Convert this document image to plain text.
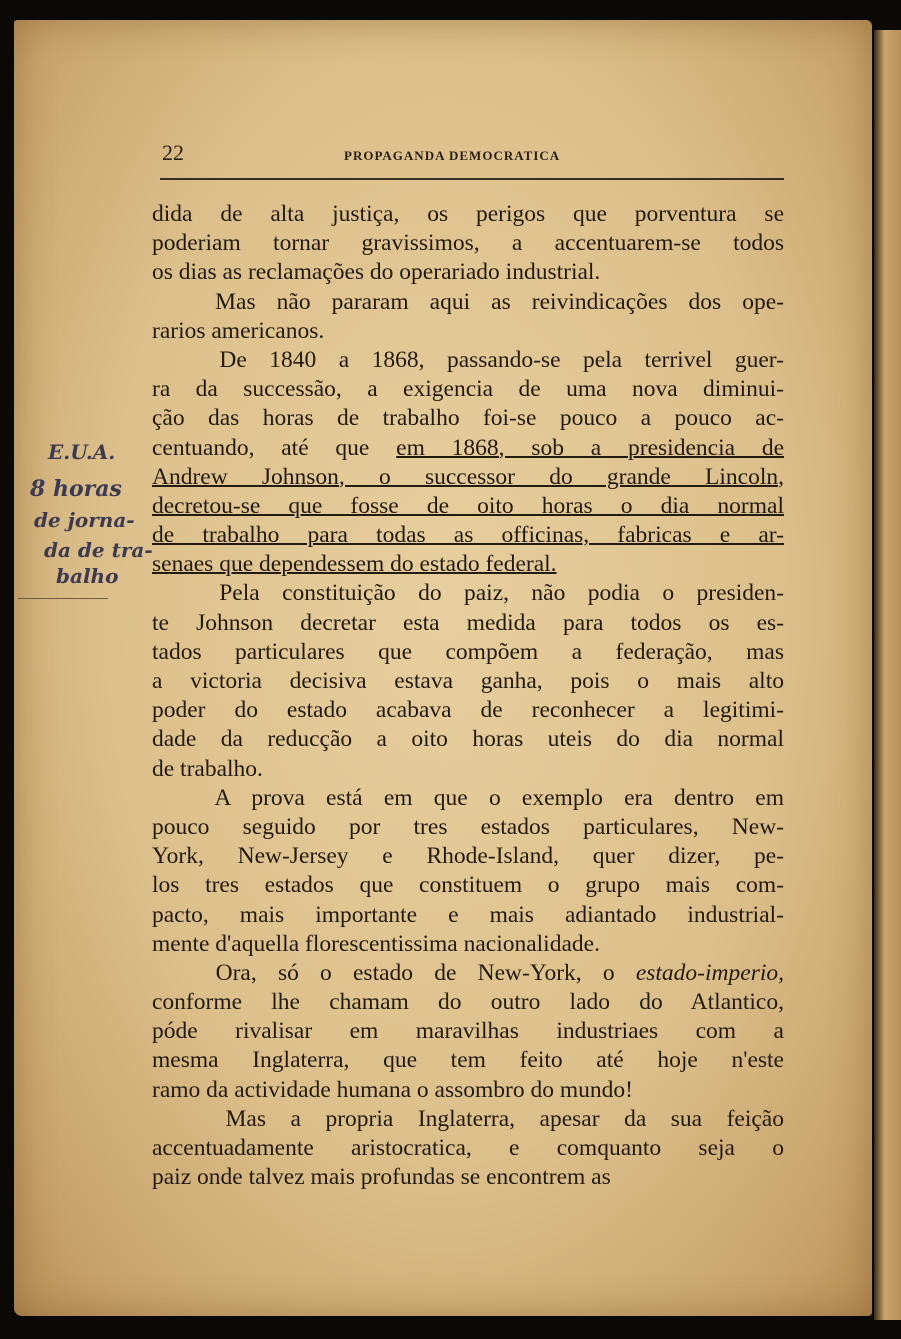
22	PROPAGANDA DEMOCRATICA
E.U.A.
8 horas
de jorna-
da de tra-
balho
dida de alta justiça, os perigos que porventura se
poderiam tornar gravissimos, a accentuarem-se todos
os dias as reclamações do operariado industrial.
Mas não pararam aqui as reivindicações dos ope-
rarios americanos.
De 1840 a 1868, passando-se pela terrivel guer-
ra da successão, a exigencia de uma nova diminui-
ção das horas de trabalho foi-se pouco a pouco ac-
centuando, até que em 1868, sob a presidencia de
Andrew Johnson, o successor do grande Lincoln,
decretou-se que fosse de oito horas o dia normal
de trabalho para todas as officinas, fabricas e ar-
senaes que dependessem do estado federal.
Pela constituição do paiz, não podia o presiden-
te Johnson decretar esta medida para todos os es-
tados particulares que compõem a federação, mas
a victoria decisiva estava ganha, pois o mais alto
poder do estado acabava de reconhecer a legitimi-
dade da reducção a oito horas uteis do dia normal
de trabalho.
A prova está em que o exemplo era dentro em
pouco seguido por tres estados particulares, New-
York, New-Jersey e Rhode-Island, quer dizer, pe-
los tres estados que constituem o grupo mais com-
pacto, mais importante e mais adiantado industrial-
mente d'aquella florescentissima nacionalidade.
Ora, só o estado de New-York, o estado-imperio,
conforme lhe chamam do outro lado do Atlantico,
póde rivalisar em maravilhas industriaes com a
mesma Inglaterra, que tem feito até hoje n'este
ramo da actividade humana o assombro do mundo!
Mas a propria Inglaterra, apesar da sua feição
accentuadamente aristocratica, e comquanto seja o
paiz onde talvez mais profundas se encontrem as
